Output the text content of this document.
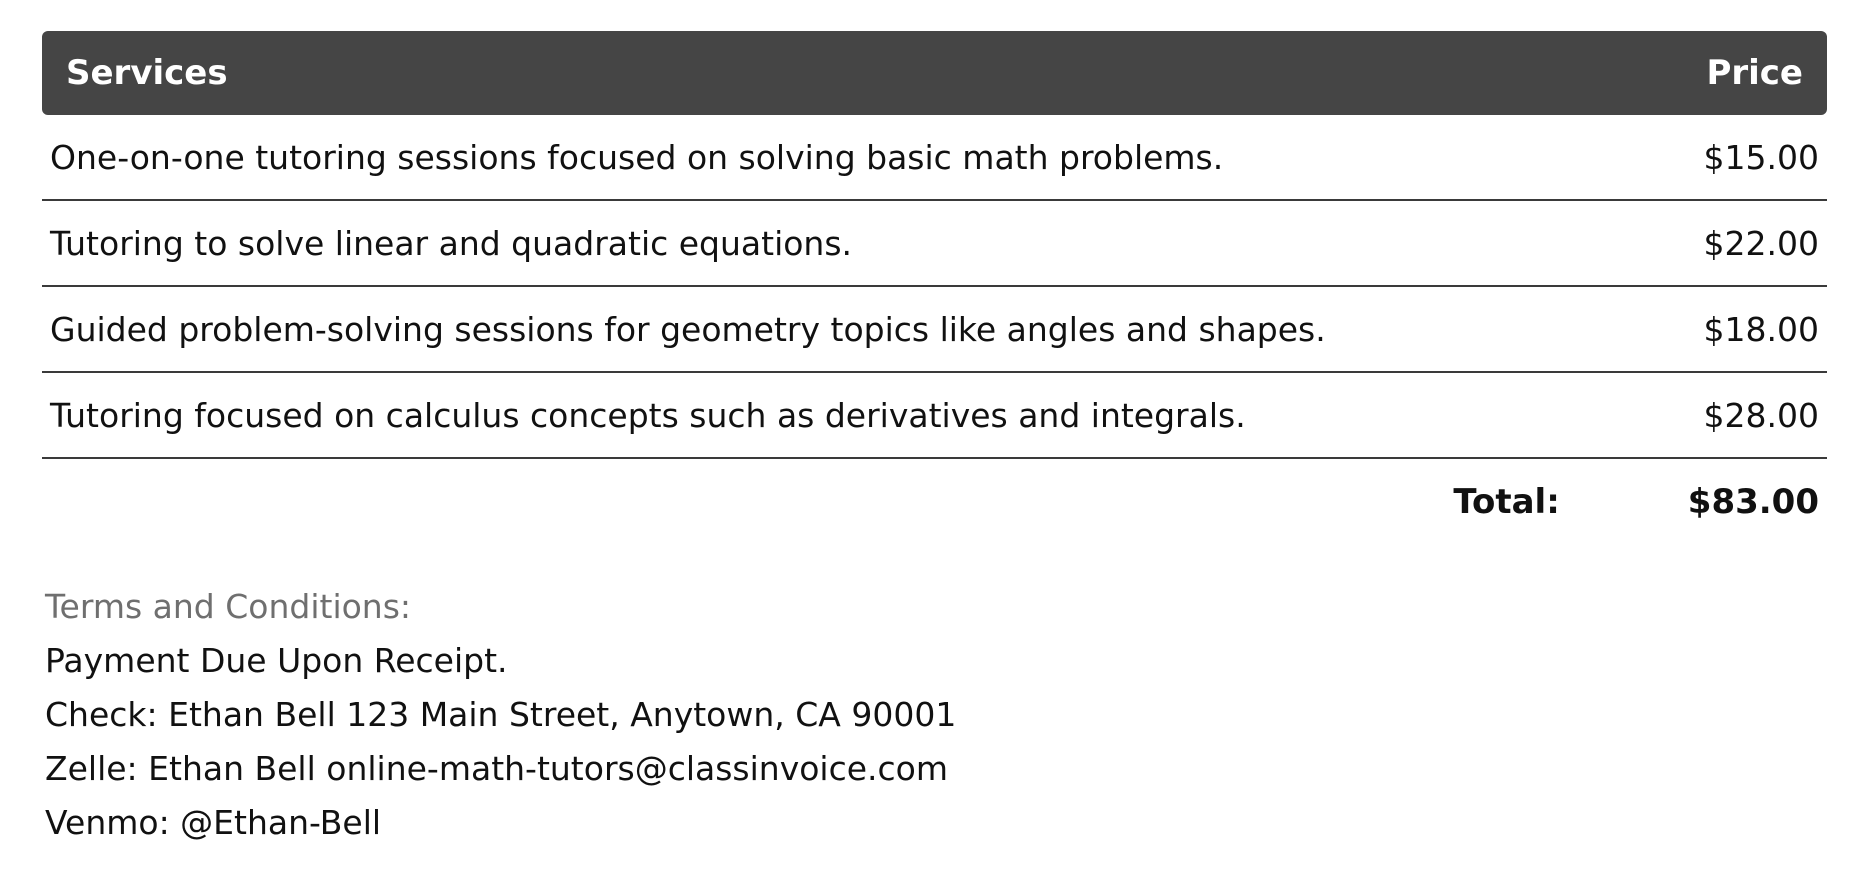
Services	Price
One-on-one tutoring sessions focused on solving basic math problems.	$15.00
Tutoring to solve linear and quadratic equations.	$22.00
Guided problem-solving sessions for geometry topics like angles and shapes.	$18.00
Tutoring focused on calculus concepts such as derivatives and integrals.	$28.00
Total:	$83.00
Terms and Conditions:
Payment Due Upon Receipt.
Check: Ethan Bell 123 Main Street, Anytown, CA 90001
Zelle: Ethan Bell online-math-tutors@classinvoice.com
Venmo: @Ethan-Bell
